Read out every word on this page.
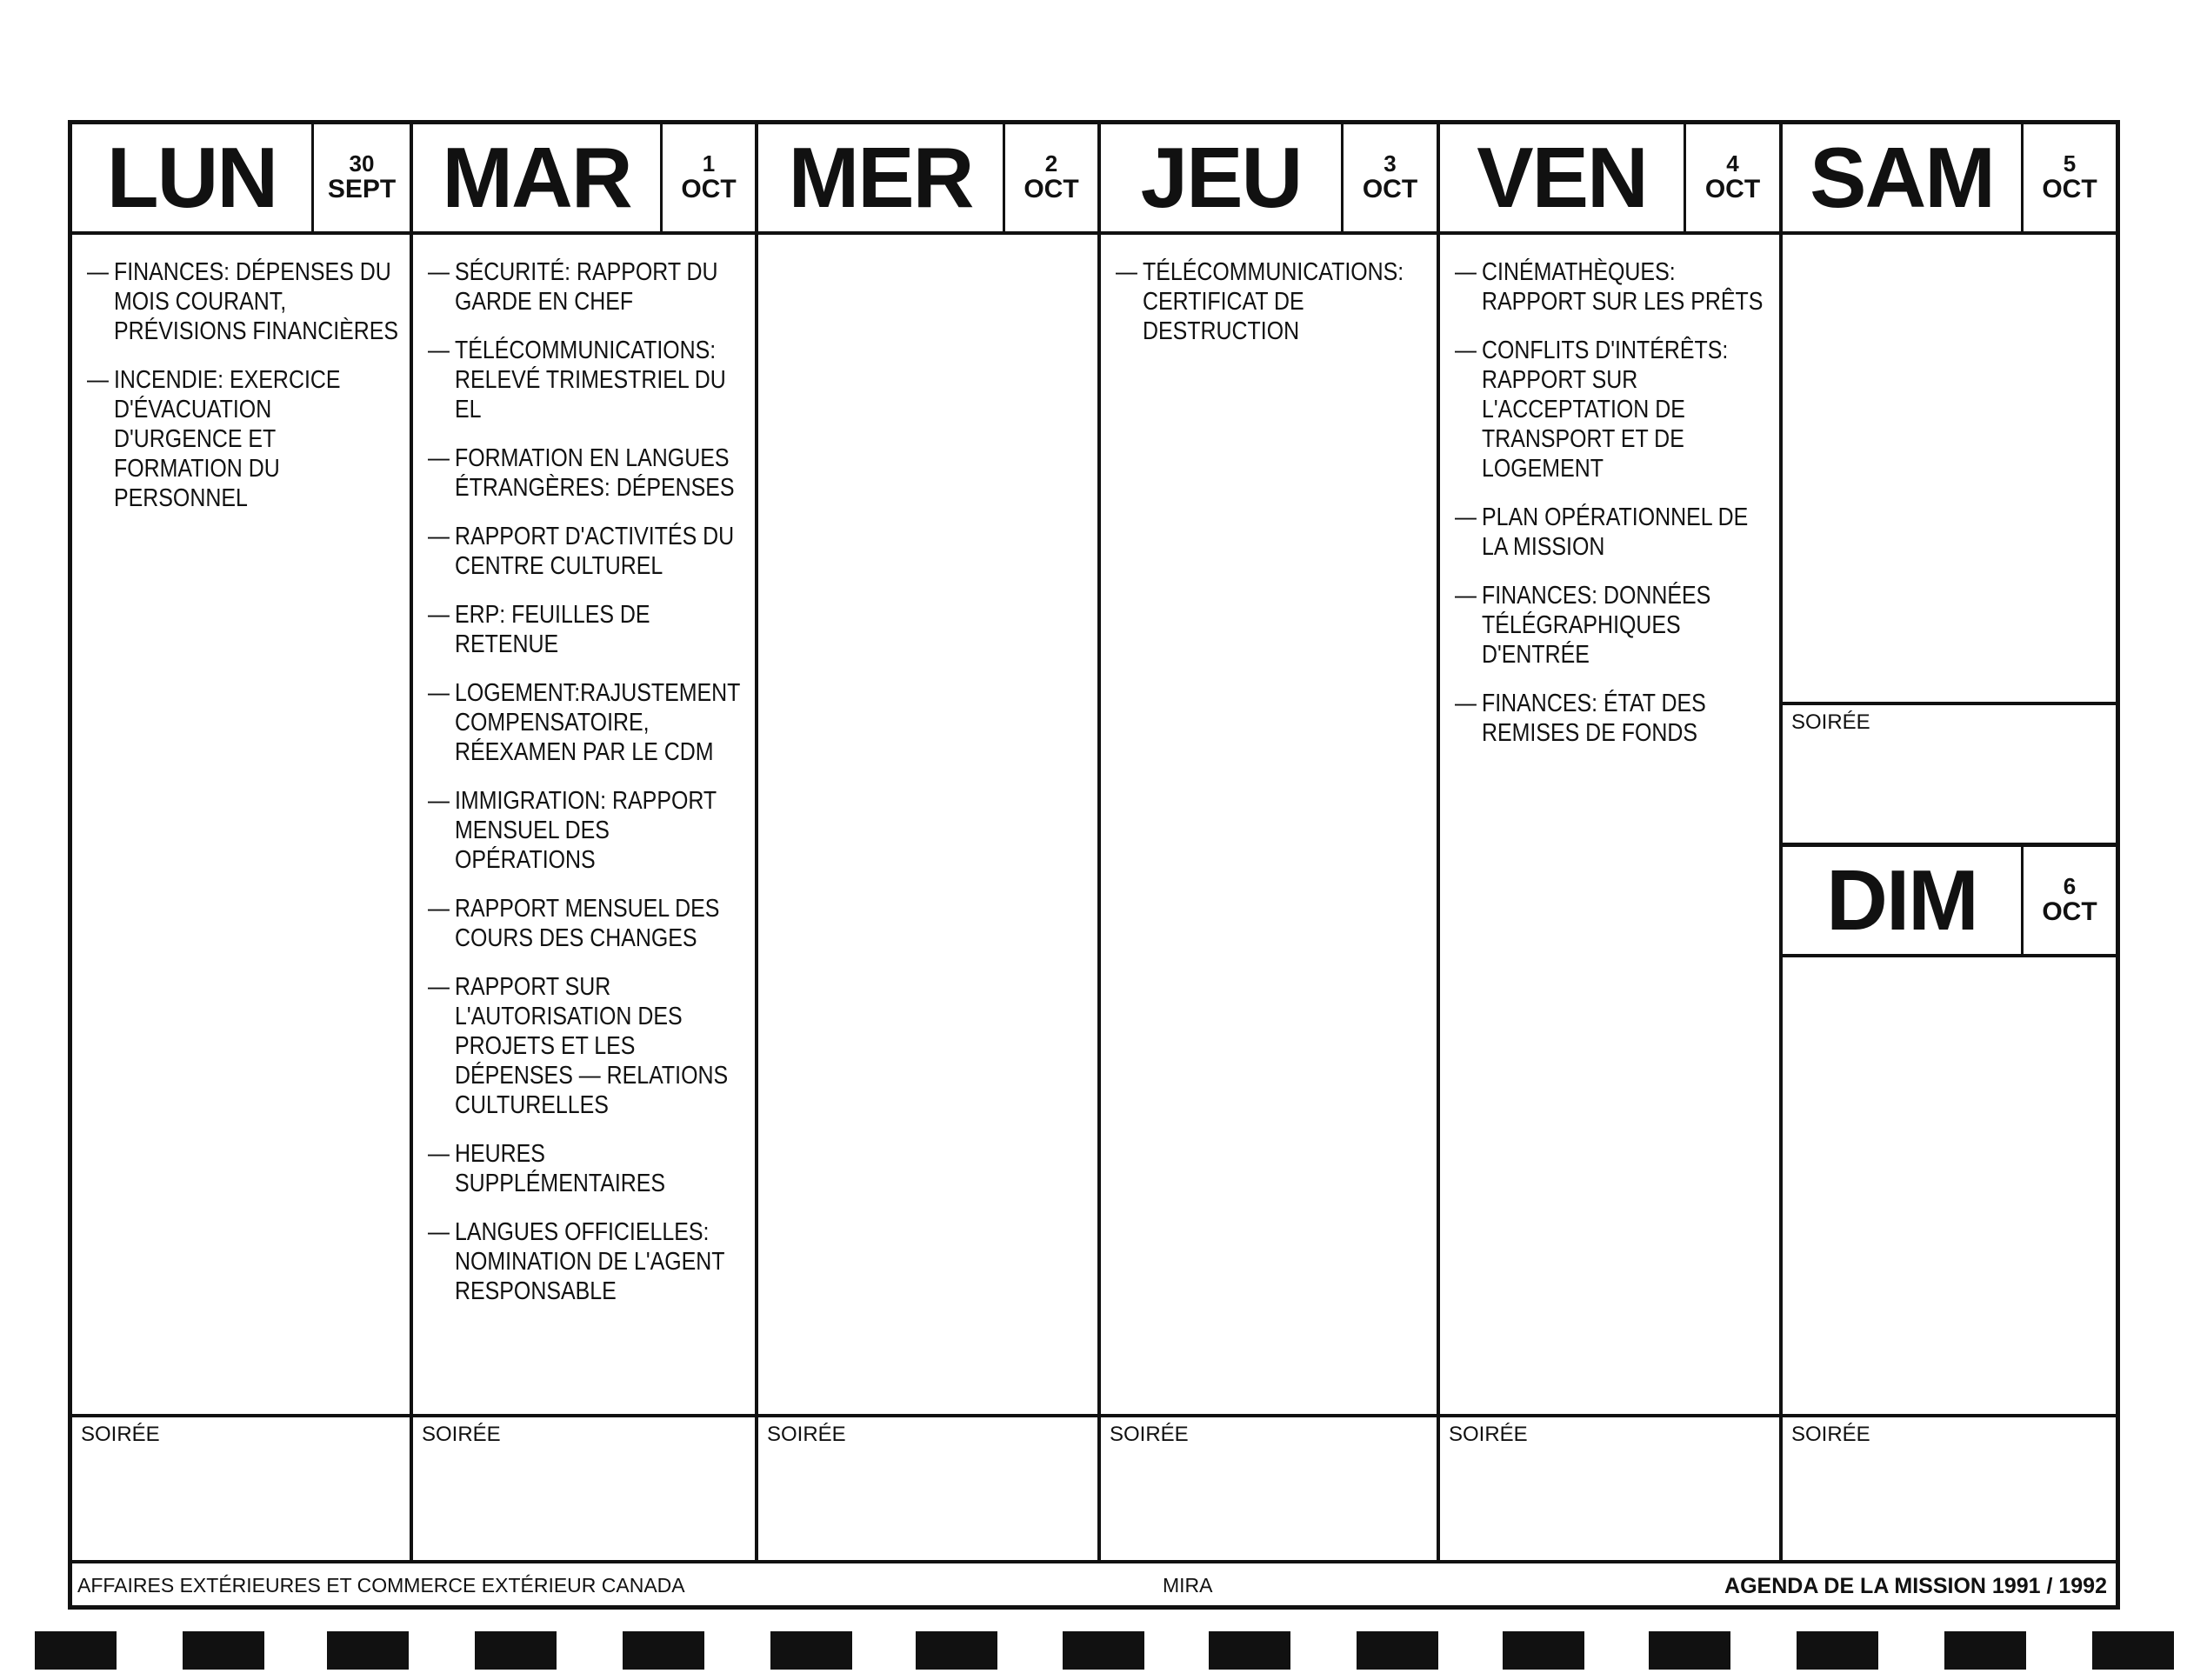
LUN	30
SEPT
— FINANCES: DÉPENSES DU MOIS COURANT, PRÉVISIONS FINANCIÈRES
— INCENDIE: EXERCICE D'ÉVACUATION D'URGENCE ET FORMATION DU PERSONNEL
SOIRÉE
MAR	1
OCT
— SÉCURITÉ: RAPPORT DU GARDE EN CHEF
— TÉLÉCOMMUNICATIONS: RELEVÉ TRIMESTRIEL DU EL
— FORMATION EN LANGUES ÉTRANGÈRES: DÉPENSES
— RAPPORT D'ACTIVITÉS DU CENTRE CULTUREL
— ERP: FEUILLES DE RETENUE
— LOGEMENT:RAJUSTEMENT COMPENSATOIRE, RÉEXAMEN PAR LE CDM
— IMMIGRATION: RAPPORT MENSUEL DES OPÉRATIONS
— RAPPORT MENSUEL DES COURS DES CHANGES
— RAPPORT SUR L'AUTORISATION DES PROJETS ET LES DÉPENSES — RELATIONS CULTURELLES
— HEURES SUPPLÉMENTAIRES
— LANGUES OFFICIELLES: NOMINATION DE L'AGENT RESPONSABLE
SOIRÉE
MER	2
OCT
SOIRÉE
JEU	3
OCT
— TÉLÉCOMMUNICATIONS: CERTIFICAT DE DESTRUCTION
SOIRÉE
VEN	4
OCT
— CINÉMATHÈQUES: RAPPORT SUR LES PRÊTS
— CONFLITS D'INTÉRÊTS: RAPPORT SUR L'ACCEPTATION DE TRANSPORT ET DE LOGEMENT
— PLAN OPÉRATIONNEL DE LA MISSION
— FINANCES: DONNÉES TÉLÉGRAPHIQUES D'ENTRÉE
— FINANCES: ÉTAT DES REMISES DE FONDS
SOIRÉE
SAM	5
OCT
SOIRÉE
DIM	6
OCT
SOIRÉE
AFFAIRES EXTÉRIEURES ET COMMERCE EXTÉRIEUR CANADA	MIRA	AGENDA DE LA MISSION 1991 / 1992
